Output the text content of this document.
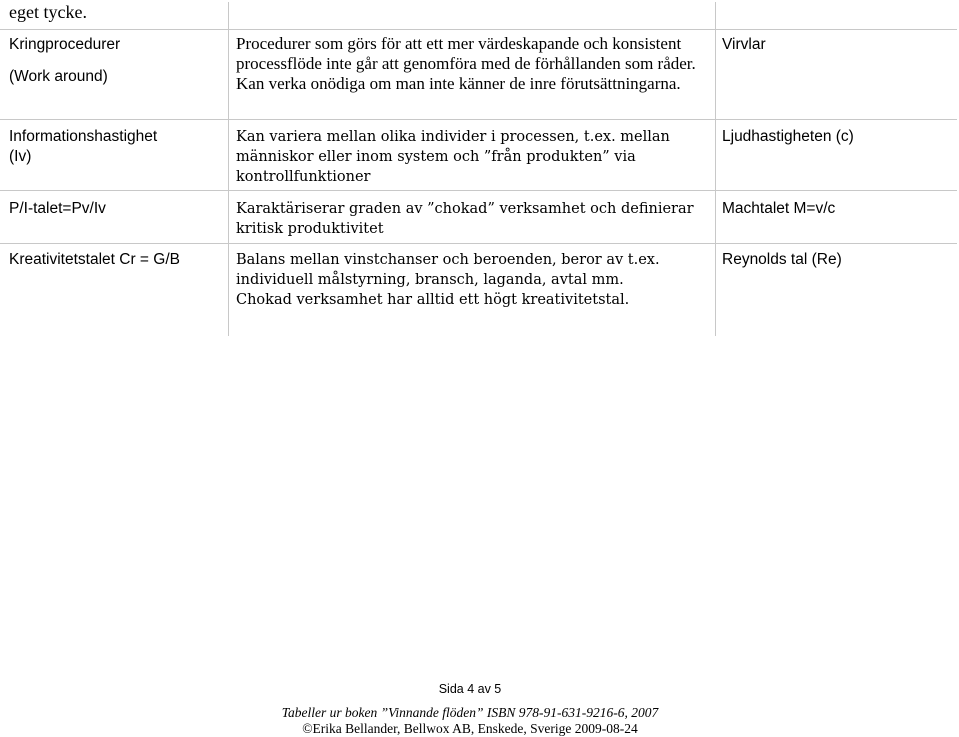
eget tycke.

Kringprocedurer

(Work around)

Procedurer som görs för att ett mer värdeskapande och konsistent processflöde inte går att genomföra med de förhållanden som råder. Kan verka onödiga om man inte känner de inre förutsättningarna.
Virvlar

Informationshastighet

(Iv)

Kan variera mellan olika individer i processen, t.ex. mellan människor eller inom system och ”från produkten” via kontrollfunktioner
Ljudhastigheten (c)

P/I-talet=Pv/Iv	Karaktäriserar graden av ”chokad” verksamhet och definierar kritisk produktivitet
Machtalet M=v/c

Kreativitetstalet Cr = G/B	Balans mellan vinstchanser och beroenden, beror av t.ex. individuell målstyrning, bransch, laganda, avtal mm. Chokad verksamhet har alltid ett högt kreativitetstal.
Reynolds tal (Re)
Sida 4 av 5
Tabeller ur boken ”Vinnande flöden” ISBN 978-91-631-9216-6, 2007
©Erika Bellander, Bellwox AB, Enskede, Sverige 2009-08-24
